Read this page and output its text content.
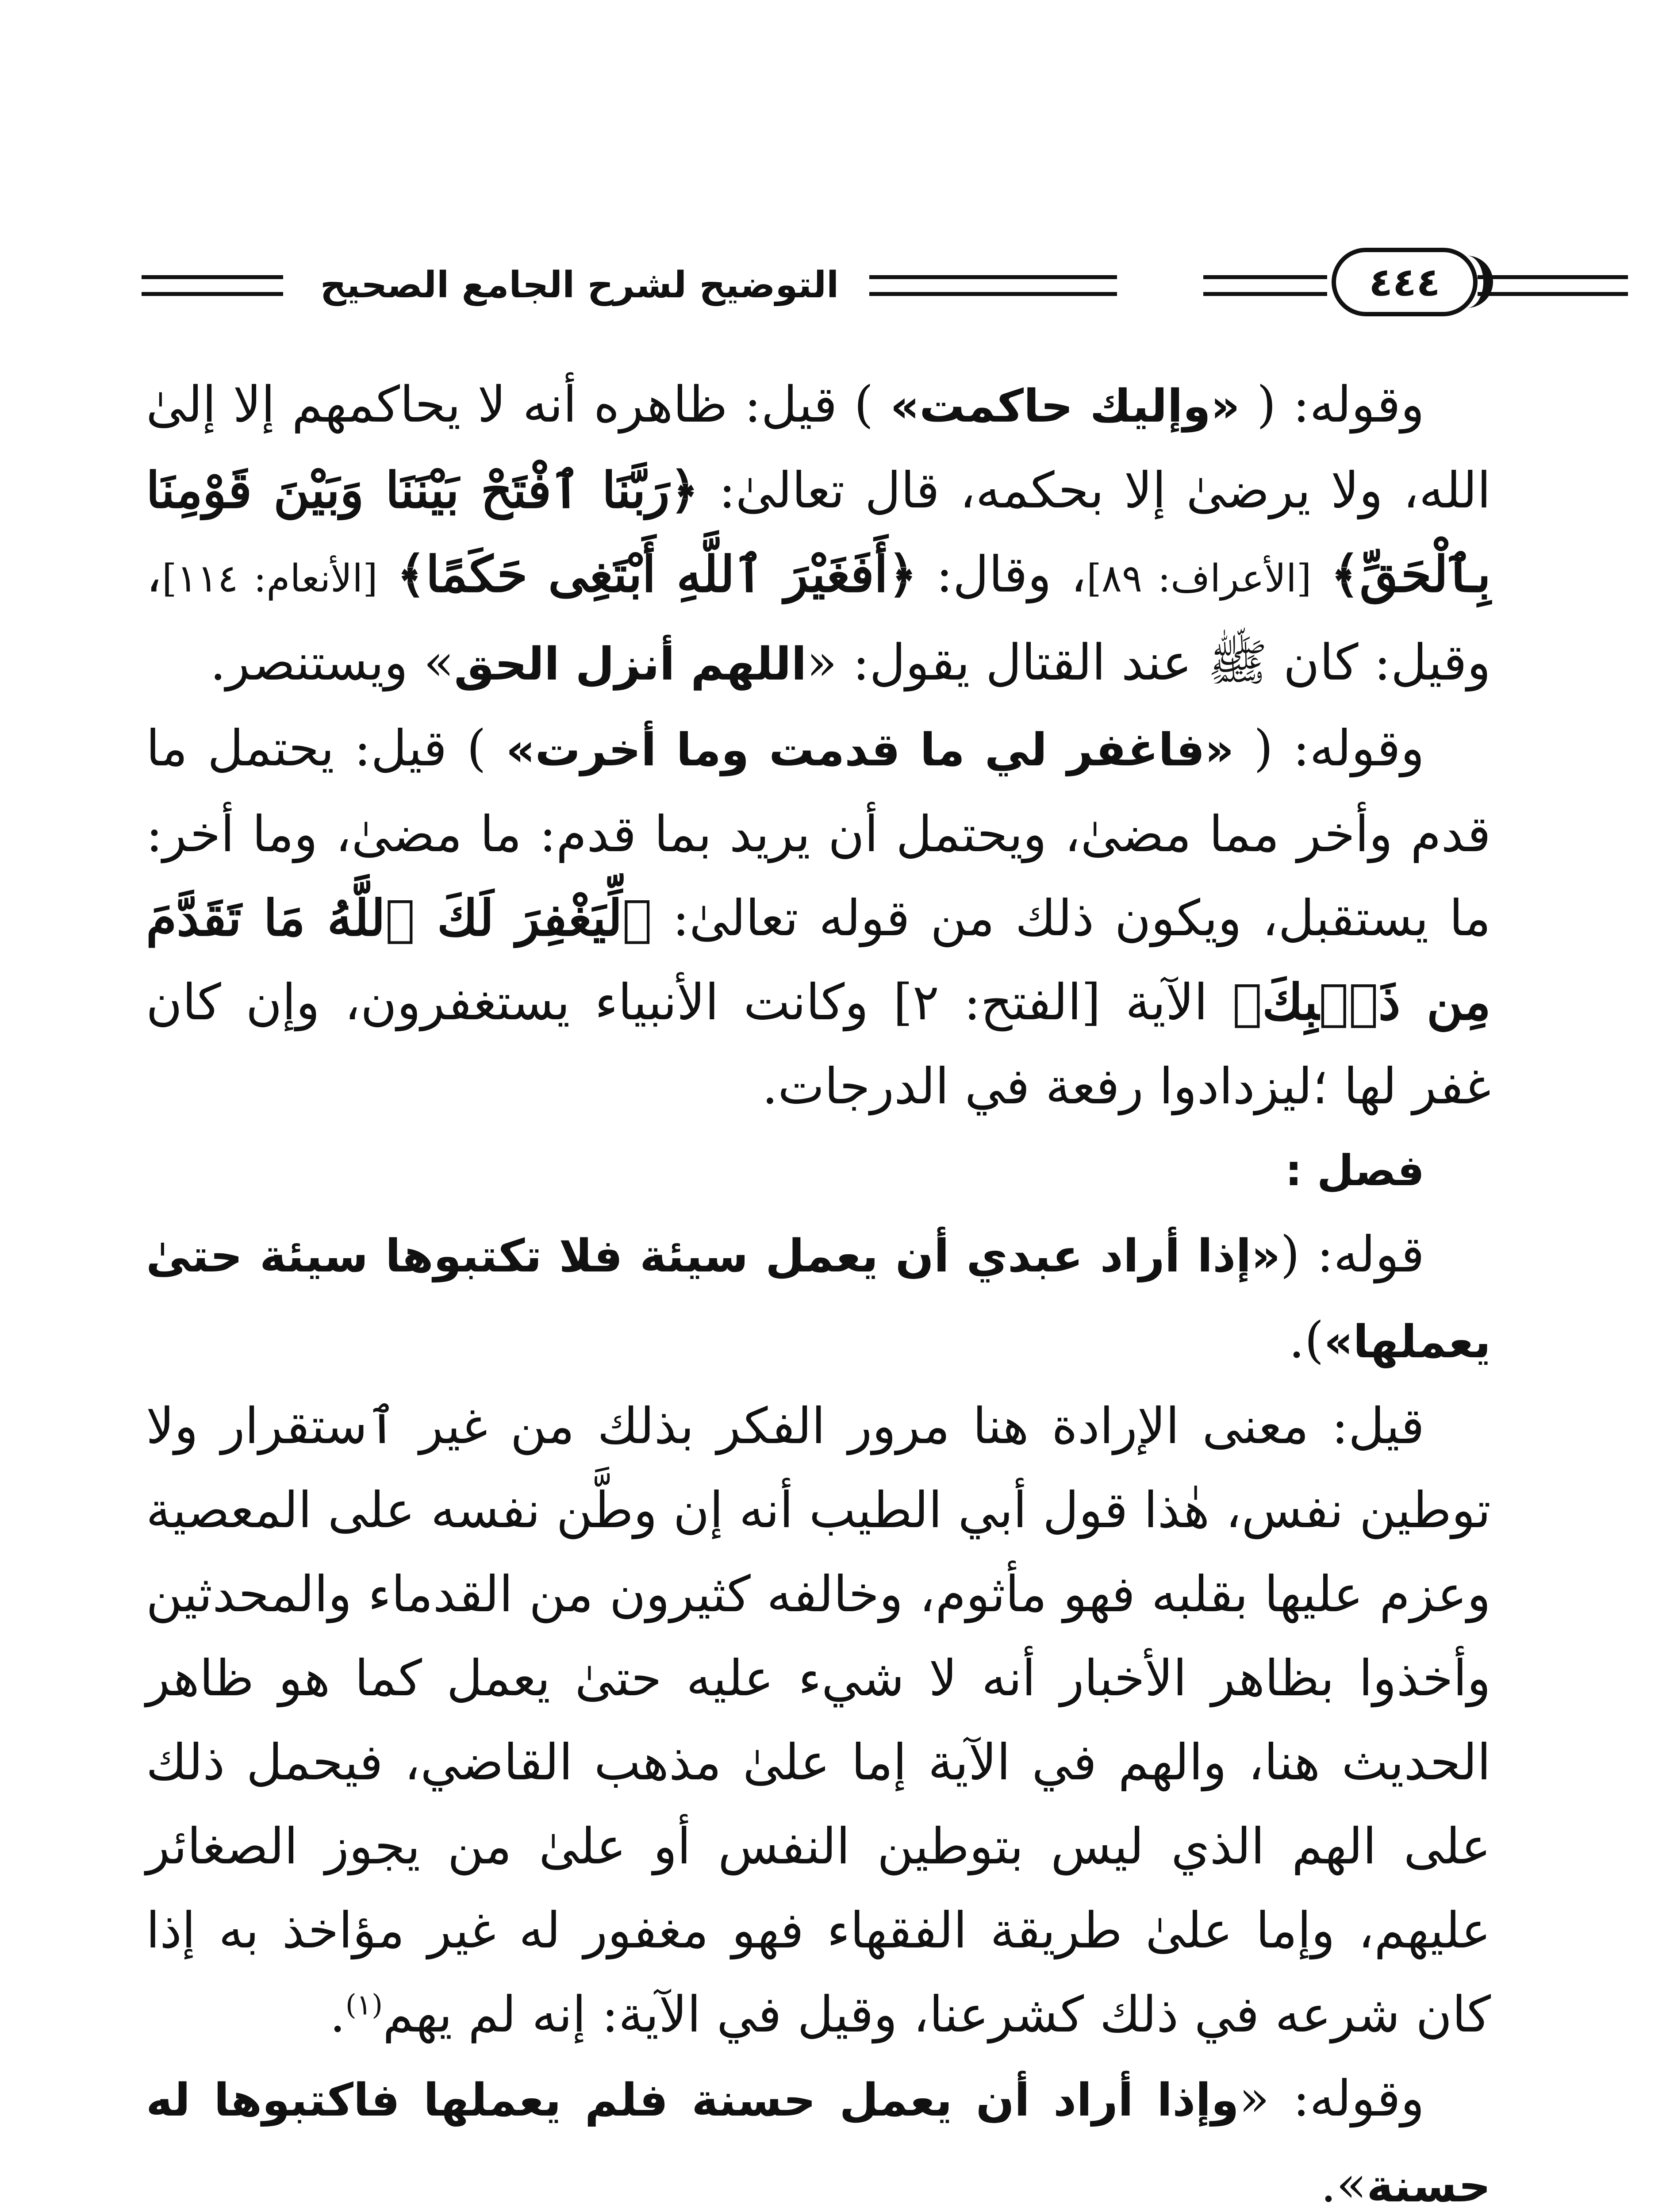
التوضيح لشرح الجامع الصحيح	٤٤٤

وقوله: ( «وإليك حاكمت» ) قيل: ظاهره أنه لا يحاكمهم إلا إلىٰ الله، ولا يرضىٰ إلا بحكمه، قال تعالىٰ: ﴿رَبَّنَا ٱفْتَحْ بَيْنَنَا وَبَيْنَ قَوْمِنَا بِٱلْحَقِّ﴾ [الأعراف: ٨٩]، وقال: ﴿أَفَغَيْرَ ٱللَّهِ أَبْتَغِى حَكَمًا﴾ [الأنعام: ١١٤]، وقيل: كان ﷺ عند القتال يقول: «اللهم أنزل الحق» ويستنصر.

وقوله: ( «فاغفر لي ما قدمت وما أخرت» ) قيل: يحتمل ما قدم وأخر مما مضىٰ، ويحتمل أن يريد بما قدم: ما مضىٰ، وما أخر: ما يستقبل، ويكون ذلك من قوله تعالىٰ: ﴿لِّيَغْفِرَ لَكَ ٱللَّهُ مَا تَقَدَّمَ مِن ذَنۢبِكَ﴾ الآية [الفتح: ٢] وكانت الأنبياء يستغفرون، وإن كان غفر لها ؛ليزدادوا رفعة في الدرجات.

فصل :

قوله: («إذا أراد عبدي أن يعمل سيئة فلا تكتبوها سيئة حتىٰ يعملها»).

قيل: معنى الإرادة هنا مرور الفكر بذلك من غير ٱستقرار ولا توطين نفس، هٰذا قول أبي الطيب أنه إن وطَّن نفسه على المعصية وعزم عليها بقلبه فهو مأثوم، وخالفه كثيرون من القدماء والمحدثين وأخذوا بظاهر الأخبار أنه لا شيء عليه حتىٰ يعمل كما هو ظاهر الحديث هنا، والهم في الآية إما علىٰ مذهب القاضي، فيحمل ذلك على الهم الذي ليس بتوطين النفس أو علىٰ من يجوز الصغائر عليهم، وإما علىٰ طريقة الفقهاء فهو مغفور له غير مؤاخذ به إذا كان شرعه في ذلك كشرعنا، وقيل في الآية: إنه لم يهم$^{(١)}$.

وقوله: «وإذا أراد أن يعمل حسنة فلم يعملها فاكتبوها له حسنة».
